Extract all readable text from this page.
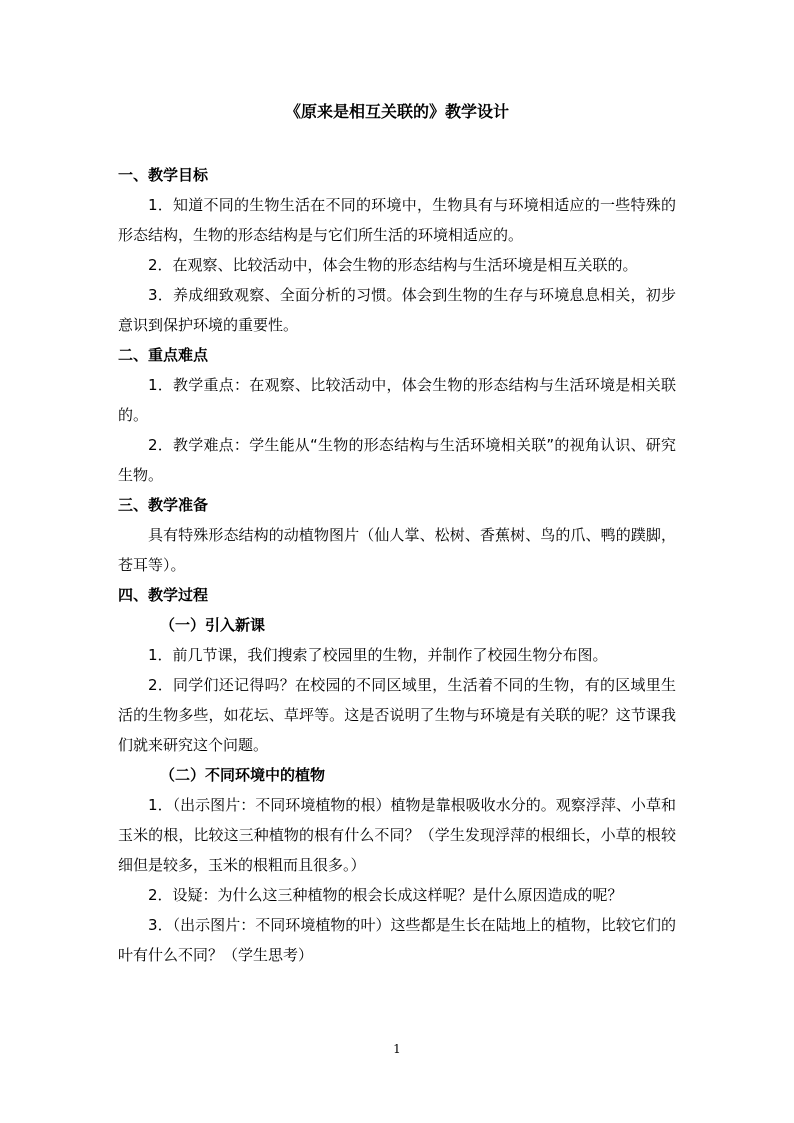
《原来是相互关联的》教学设计
一、教学目标
1．知道不同的生物生活在不同的环境中，生物具有与环境相适应的一些特殊的形态结构，生物的形态结构是与它们所生活的环境相适应的。
2．在观察、比较活动中，体会生物的形态结构与生活环境是相互关联的。
3．养成细致观察、全面分析的习惯。体会到生物的生存与环境息息相关，初步意识到保护环境的重要性。
二、重点难点
1．教学重点：在观察、比较活动中，体会生物的形态结构与生活环境是相关联的。
2．教学难点：学生能从“生物的形态结构与生活环境相关联”的视角认识、研究生物。
三、教学准备
具有特殊形态结构的动植物图片（仙人掌、松树、香蕉树、鸟的爪、鸭的蹼脚，苍耳等）。
四、教学过程
（一）引入新课
1．前几节课，我们搜索了校园里的生物，并制作了校园生物分布图。
2．同学们还记得吗？在校园的不同区域里，生活着不同的生物，有的区域里生活的生物多些，如花坛、草坪等。这是否说明了生物与环境是有关联的呢？这节课我们就来研究这个问题。
（二）不同环境中的植物
1．（出示图片：不同环境植物的根）植物是靠根吸收水分的。观察浮萍、小草和玉米的根，比较这三种植物的根有什么不同？（学生发现浮萍的根细长，小草的根较细但是较多，玉米的根粗而且很多。）
2．设疑：为什么这三种植物的根会长成这样呢？是什么原因造成的呢？
3．（出示图片：不同环境植物的叶）这些都是生长在陆地上的植物，比较它们的叶有什么不同？（学生思考）
1
